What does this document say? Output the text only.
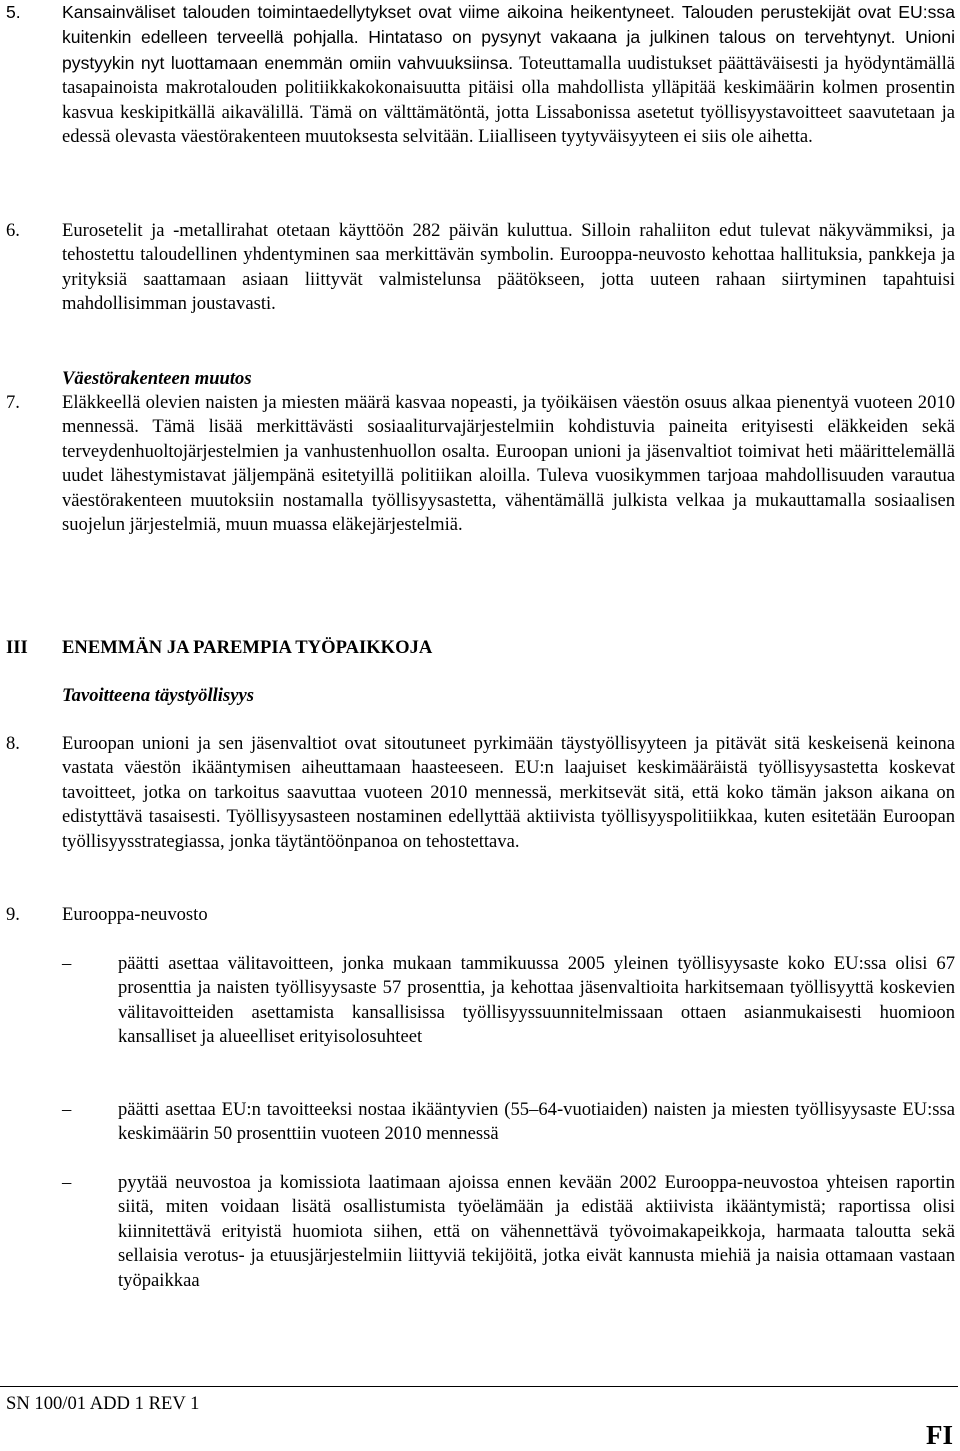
5. Kansainväliset talouden toimintaedellytykset ovat viime aikoina heikentyneet. Talouden perustekijät ovat EU:ssa kuitenkin edelleen terveellä pohjalla. Hintataso on pysynyt vakaana ja julkinen talous on tervehtynyt. Unioni pystyykin nyt luottamaan enemmän omiin vahvuuksiinsa. Toteuttamalla uudistukset päättäväisesti ja hyödyntämällä tasapainoista makrotalouden politiikkakokonaisuutta pitäisi olla mahdollista ylläpitää keskimäärin kolmen prosentin kasvua keskipitkällä aikavälillä. Tämä on välttämätöntä, jotta Lissabonissa asetetut työllisyystavoitteet saavutetaan ja edessä olevasta väestörakenteen muutoksesta selvitään. Liialliseen tyytyväisyyteen ei siis ole aihetta.
6. Eurosetelit ja -metallirahat otetaan käyttöön 282 päivän kuluttua. Silloin rahaliiton edut tulevat näkyvämmiksi, ja tehostettu taloudellinen yhdentyminen saa merkittävän symbolin. Eurooppa-neuvosto kehottaa hallituksia, pankkeja ja yrityksiä saattamaan asiaan liittyvät valmistelunsa päätökseen, jotta uuteen rahaan siirtyminen tapahtuisi mahdollisimman joustavasti.
Väestörakenteen muutos
7. Eläkkeellä olevien naisten ja miesten määrä kasvaa nopeasti, ja työikäisen väestön osuus alkaa pienentyä vuoteen 2010 mennessä. Tämä lisää merkittävästi sosiaaliturvajärjestelmiin kohdistuvia paineita erityisesti eläkkeiden sekä terveydenhuoltojärjestelmien ja vanhustenhuollon osalta. Euroopan unioni ja jäsenvaltiot toimivat heti määrittelemällä uudet lähestymistavat jäljempänä esitetyillä politiikan aloilla. Tuleva vuosikymmen tarjoaa mahdollisuuden varautua väestörakenteen muutoksiin nostamalla työllisyysastetta, vähentämällä julkista velkaa ja mukauttamalla sosiaalisen suojelun järjestelmiä, muun muassa eläkejärjestelmiä.
III ENEMMÄN JA PAREMPIA TYÖPAIKKOJA
Tavoitteena täystyöllisyys
8. Euroopan unioni ja sen jäsenvaltiot ovat sitoutuneet pyrkimään täystyöllisyyteen ja pitävät sitä keskeisenä keinona vastata väestön ikääntymisen aiheuttamaan haasteeseen. EU:n laajuiset keskimääräistä työllisyysastetta koskevat tavoitteet, jotka on tarkoitus saavuttaa vuoteen 2010 mennessä, merkitsevät sitä, että koko tämän jakson aikana on edistyttävä tasaisesti. Työllisyysasteen nostaminen edellyttää aktiivista työllisyyspolitiikkaa, kuten esitetään Euroopan työllisyysstrategiassa, jonka täytäntöönpanoa on tehostettava.
9. Eurooppa-neuvosto
–	päätti asettaa välitavoitteen, jonka mukaan tammikuussa 2005 yleinen työllisyysaste koko EU:ssa olisi 67 prosenttia ja naisten työllisyysaste 57 prosenttia, ja kehottaa jäsenvaltioita harkitsemaan työllisyyttä koskevien välitavoitteiden asettamista kansallisissa työllisyyssuunnitelmissaan ottaen asianmukaisesti huomioon kansalliset ja alueelliset erityisolosuhteet
–	päätti asettaa EU:n tavoitteeksi nostaa ikääntyvien (55–64-vuotiaiden) naisten ja miesten työllisyysaste EU:ssa keskimäärin 50 prosenttiin vuoteen 2010 mennessä
–	pyytää neuvostoa ja komissiota laatimaan ajoissa ennen kevään 2002 Eurooppa-neuvostoa yhteisen raportin siitä, miten voidaan lisätä osallistumista työelämään ja edistää aktiivista ikääntymistä; raportissa olisi kiinnitettävä erityistä huomiota siihen, että on vähennettävä työvoimakapeikkoja, harmaata taloutta sekä sellaisia verotus- ja etuusjärjestelmiin liittyviä tekijöitä, jotka eivät kannusta miehiä ja naisia ottamaan vastaan työpaikkaa
SN 100/01 ADD 1 REV 1
FI
